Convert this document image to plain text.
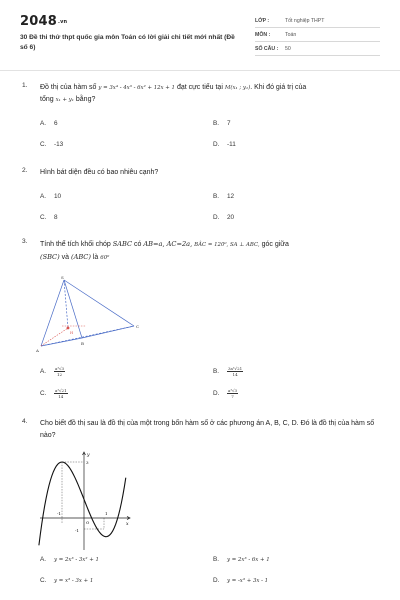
2048.vn
30 Đề thi thử thpt quốc gia môn Toán có lời giải chi tiết mới nhất (Đề số 6)
LỚP :	Tốt nghiệp THPT
MÔN :	Toán
SỐ CÂU : 50
1. Đồ thị của hàm số y = 3x⁴ - 4x³ - 6x² + 12x + 1 đạt cực tiểu tại M(x₁ ; y₁). Khi đó giá trị của
tổng x₁ + y₁ bằng?
A. 6	B. 7
C. -13	D. -11
2. Hình bát diện đều có bao nhiêu cạnh?
A. 10	B. 12
C. 8	D. 20
3. Tính thể tích khối chóp SABC có AB=a, AC=2a, BÂC = 120⁰, SA ⊥ ABC, góc giữa
(SBC) và (ABC) là 60⁰
S
A
B
C
H
A. $\frac{\text{a³√3}}{12}$	B. $\frac{\text{3a³√21}}{14}$
C. $\frac{\text{a³√21}}{14}$	D. $\frac{\text{a³√3}}{7}$
4. Cho biết đồ thị sau là đồ thị của một trong bốn hàm số ở các phương án A, B, C, D. Đó là đồ thị của hàm số nào?
y
x
O
3
-1	1
-1
A. y = 2x³ - 3x² + 1	B. y = 2x³ - 6x + 1
C. y = x³ - 3x + 1	D. y = -x³ + 3x - 1
